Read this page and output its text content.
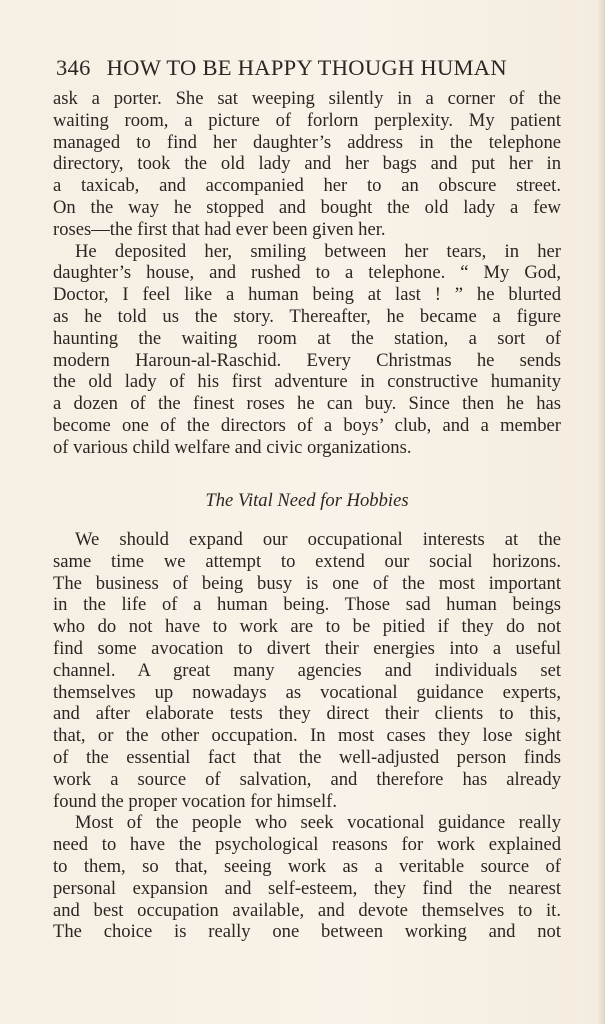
346 HOW TO BE HAPPY THOUGH HUMAN
ask a porter. She sat weeping silently in a corner of the
waiting room, a picture of forlorn perplexity. My patient
managed to find her daughter’s address in the telephone
directory, took the old lady and her bags and put her in
a taxicab, and accompanied her to an obscure street.
On the way he stopped and bought the old lady a few
roses—the first that had ever been given her.
He deposited her, smiling between her tears, in her
daughter’s house, and rushed to a telephone. “ My God,
Doctor, I feel like a human being at last ! ” he blurted
as he told us the story. Thereafter, he became a figure
haunting the waiting room at the station, a sort of
modern Haroun-al-Raschid. Every Christmas he sends
the old lady of his first adventure in constructive humanity
a dozen of the finest roses he can buy. Since then he has
become one of the directors of a boys’ club, and a member
of various child welfare and civic organizations.
The Vital Need for Hobbies
We should expand our occupational interests at the
same time we attempt to extend our social horizons.
The business of being busy is one of the most important
in the life of a human being. Those sad human beings
who do not have to work are to be pitied if they do not
find some avocation to divert their energies into a useful
channel. A great many agencies and individuals set
themselves up nowadays as vocational guidance experts,
and after elaborate tests they direct their clients to this,
that, or the other occupation. In most cases they lose sight
of the essential fact that the well-adjusted person finds
work a source of salvation, and therefore has already
found the proper vocation for himself.
Most of the people who seek vocational guidance really
need to have the psychological reasons for work explained
to them, so that, seeing work as a veritable source of
personal expansion and self-esteem, they find the nearest
and best occupation available, and devote themselves to it.
The choice is really one between working and not
